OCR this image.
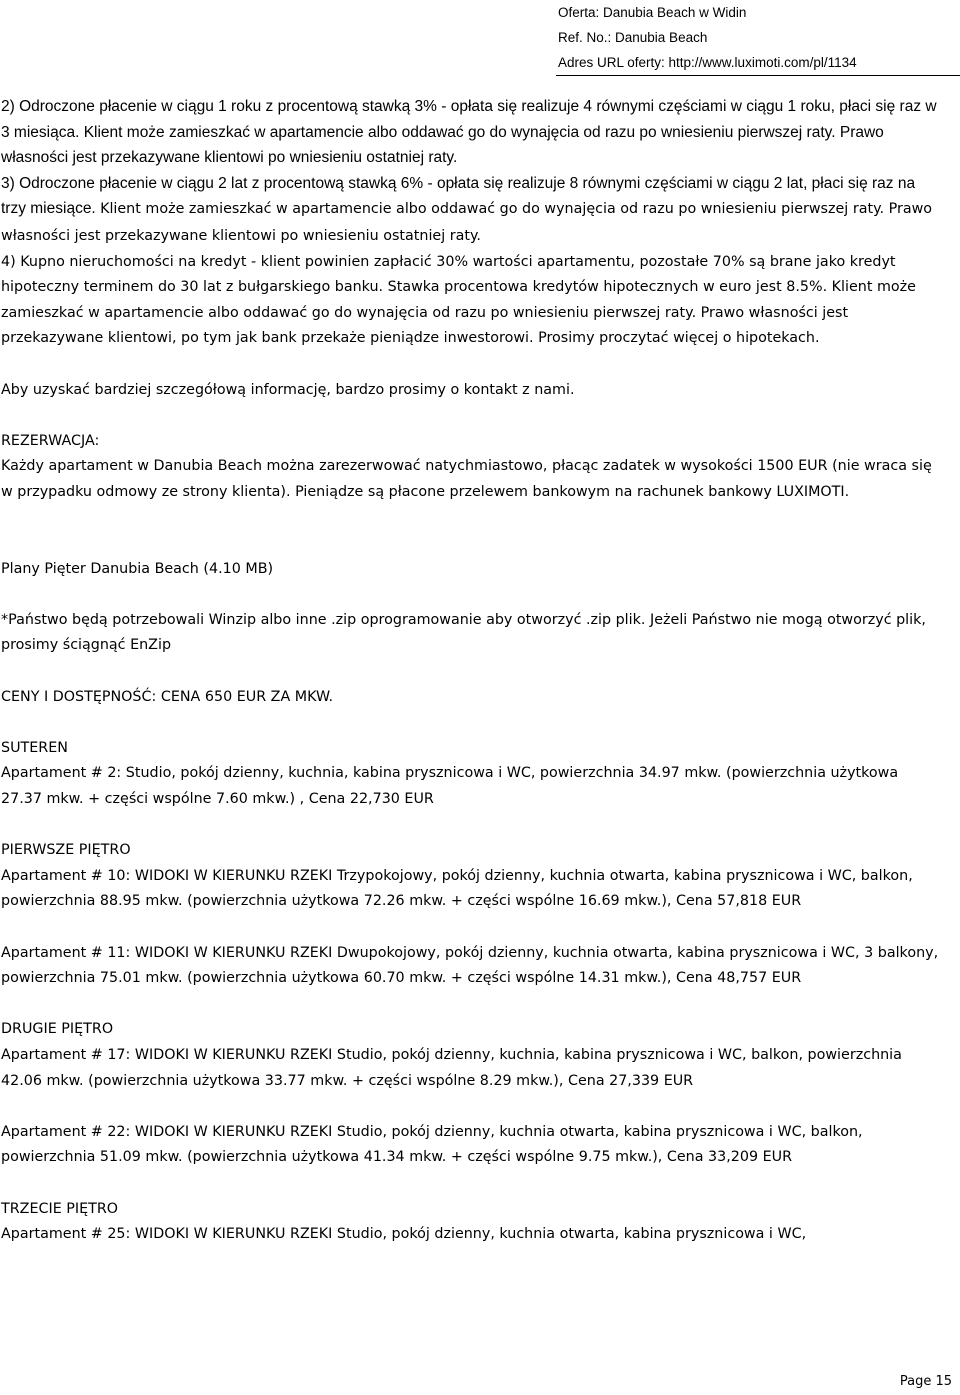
Oferta: Danubia Beach w Widin
Ref. No.: Danubia Beach
Adres URL oferty: http://www.luximoti.com/pl/1134

2) Odroczone płacenie w ciągu 1 roku z procentową stawką 3% - opłata się realizuje 4 równymi częściami w ciągu 1 roku, płaci się raz w 3 miesiąca. Klient może zamieszkać w apartamencie albo oddawać go do wynajęcia od razu po wniesieniu pierwszej raty. Prawo własności jest przekazywane klientowi po wniesieniu ostatniej raty.

3) Odroczone płacenie w ciągu 2 lat z procentową stawką 6% - opłata się realizuje 8 równymi częściami w ciągu 2 lat, płaci się raz na trzy miesiące. Klient może zamieszkać w apartamencie albo oddawać go do wynajęcia od razu po wniesieniu pierwszej raty. Prawo własności jest przekazywane klientowi po wniesieniu ostatniej raty.

4) Kupno nieruchomości na kredyt - klient powinien zapłacić 30% wartości apartamentu, pozostałe 70% są brane jako kredyt hipoteczny terminem do 30 lat z bułgarskiego banku. Stawka procentowa kredytów hipotecznych w euro jest 8.5%. Klient może zamieszkać w apartamencie albo oddawać go do wynajęcia od razu po wniesieniu pierwszej raty. Prawo własności jest przekazywane klientowi, po tym jak bank przekaże pieniądze inwestorowi. Prosimy proczytać więcej o hipotekach.

Aby uzyskać bardziej szczegółową informację, bardzo prosimy o kontakt z nami.

REZERWACJA:

Każdy apartament w Danubia Beach można zarezerwować natychmiastowo, płacąc zadatek w wysokości 1500 EUR (nie wraca się w przypadku odmowy ze strony klienta). Pieniądze są płacone przelewem bankowym na rachunek bankowy LUXIMOTI.

Plany Pięter Danubia Beach (4.10 MB)

*Państwo będą potrzebowali Winzip albo inne .zip oprogramowanie aby otworzyć .zip plik. Jeżeli Państwo nie mogą otworzyć plik, prosimy ściągnąć EnZip

CENY I DOSTĘPNOŚĆ: CENA 650 EUR ZA MKW.

SUTEREN

Apartament # 2: Studio, pokój dzienny, kuchnia, kabina prysznicowa i WC, powierzchnia 34.97 mkw. (powierzchnia użytkowa 27.37 mkw. + części wspólne 7.60 mkw.) , Cena 22,730 EUR

PIERWSZE PIĘTRO

Apartament # 10: WIDOKI W KIERUNKU RZEKI Trzypokojowy, pokój dzienny, kuchnia otwarta, kabina prysznicowa i WC, balkon, powierzchnia 88.95 mkw. (powierzchnia użytkowa 72.26 mkw. + części wspólne 16.69 mkw.), Cena 57,818 EUR

Apartament # 11: WIDOKI W KIERUNKU RZEKI Dwupokojowy, pokój dzienny, kuchnia otwarta, kabina prysznicowa i WC, 3 balkony, powierzchnia 75.01 mkw. (powierzchnia użytkowa 60.70 mkw. + części wspólne 14.31 mkw.), Cena 48,757 EUR

DRUGIE PIĘTRO

Apartament # 17: WIDOKI W KIERUNKU RZEKI Studio, pokój dzienny, kuchnia, kabina prysznicowa i WC, balkon, powierzchnia 42.06 mkw. (powierzchnia użytkowa 33.77 mkw. + części wspólne 8.29 mkw.), Cena 27,339 EUR

Apartament # 22: WIDOKI W KIERUNKU RZEKI Studio, pokój dzienny, kuchnia otwarta, kabina prysznicowa i WC, balkon, powierzchnia 51.09 mkw. (powierzchnia użytkowa 41.34 mkw. + części wspólne 9.75 mkw.), Cena 33,209 EUR

TRZECIE PIĘTRO

Apartament # 25: WIDOKI W KIERUNKU RZEKI Studio, pokój dzienny, kuchnia otwarta, kabina prysznicowa i WC,

Page 15
